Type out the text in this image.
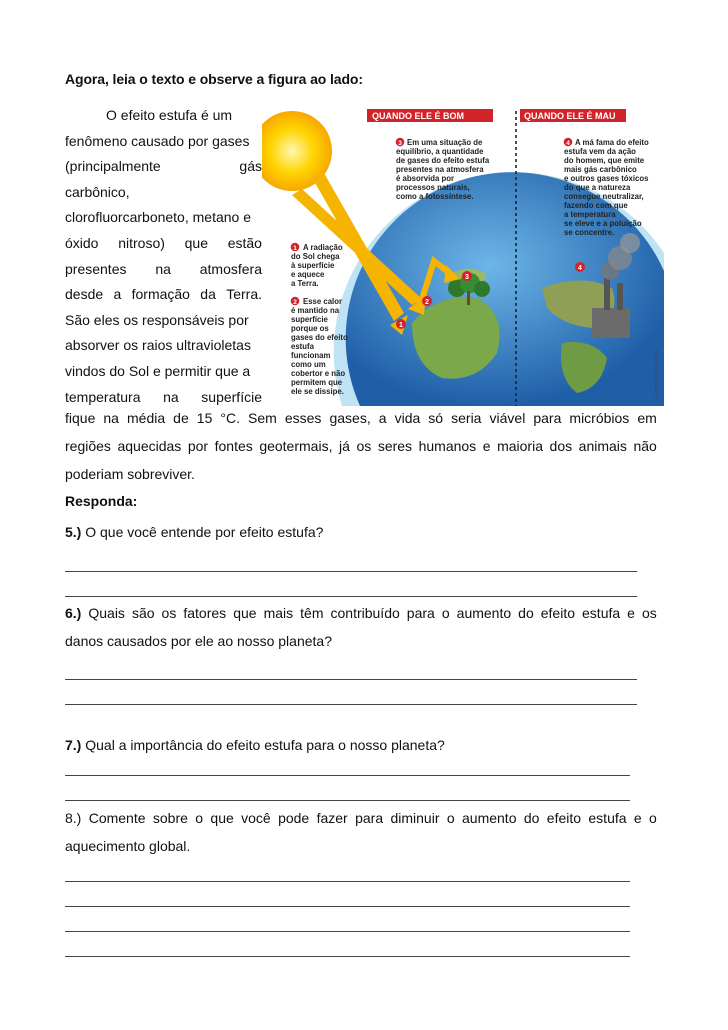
Agora, leia o texto e observe a figura ao lado:
O efeito estufa é um
fenômeno causado por gases
(principalmente	gás
carbônico,
clorofluorcarboneto, metano e
óxido nitroso) que estão
presentes na atmosfera
desde a formação da Terra.
São eles os responsáveis por
absorver os raios ultravioletas
vindos do Sol e permitir que a
temperatura na superfície
QUANDO ELE É BOM	QUANDO ELE É MAU
3 Em uma situação de
equilíbrio, a quantidade
de gases do efeito estufa
presentes na atmosfera
é absorvida por
processos naturais,
como a fotossíntese.
4 A má fama do efeito
estufa vem da ação
do homem, que emite
mais gás carbônico
e outros gases tóxicos
do que a natureza
consegue neutralizar,
fazendo com que
a temperatura
se eleve e a poluição
se concentre.
1 A radiação
do Sol chega
à superfície
e aquece
a Terra.
2 Esse calor
é mantido na
superfície
porque os
gases do efeito
estufa
funcionam
como um
cobertor e não
permitem que
ele se dissipe.
1
2
3
4
ILUSTRAÇÃO LUIS IRIA
fique na média de 15 °C. Sem esses gases, a vida só seria viável para micróbios em
regiões aquecidas por fontes geotermais, já os seres humanos e maioria dos animais não
poderiam sobreviver.
Responda:
5.) O que você entende por efeito estufa?
6.) Quais são os fatores que mais têm contribuído para o aumento do efeito estufa e os
danos causados por ele ao nosso planeta?
7.) Qual a importância do efeito estufa para o nosso planeta?
8.) Comente sobre o que você pode fazer para diminuir o aumento do efeito estufa e o
aquecimento global.
